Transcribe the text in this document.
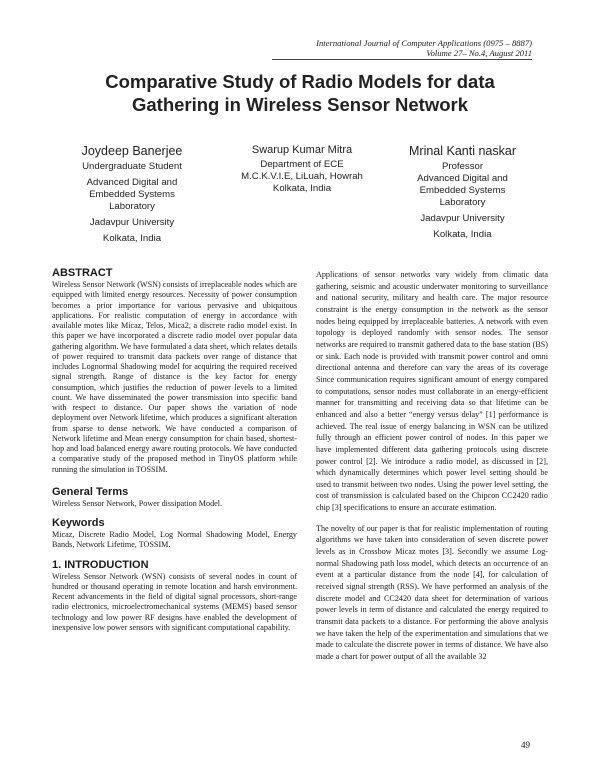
International Journal of Computer Applications (0975 – 8887)
Volume 27– No.4, August 2011
Comparative Study of Radio Models for data
Gathering in Wireless Sensor Network
Joydeep Banerjee
Undergraduate Student
Advanced Digital and
Embedded Systems
Laboratory
Jadavpur University
Kolkata, India
Swarup Kumar Mitra
Department of ECE
M.C.K.V.I.E, LiLuah, Howrah
Kolkata, India
Mrinal Kanti naskar
Professor
Advanced Digital and
Embedded Systems
Laboratory
Jadavpur University
Kolkata, India
ABSTRACT

Wireless Sensor Network (WSN) consists of irreplaceable nodes which are equipped with limited energy resources. Necessity of power consumption becomes a prior importance for various pervasive and ubiquitous applications. For realistic computation of energy in accordance with available motes like Micaz, Telos, Mica2, a discrete radio model exist. In this paper we have incorporated a discrete radio model over popular data gathering algorithm. We have formulated a data sheet, which relates details of power required to transmit data packets over range of distance that includes Lognormal Shadowing model for acquiring the required received signal strength. Range of distance is the key factor for energy consumption, which justifies the reduction of power levels to a limited count. We have disseminated the power transmission into specific band with respect to distance. Our paper shows the variation of node deployment over Network lifetime, which produces a significant alteration from sparse to dense network. We have conducted a comparison of Network lifetime and Mean energy consumption for chain based, shortest-hop and load balanced energy aware routing protocols. We have conducted a comparative study of the proposed method in TinyOS platform while running the simulation in TOSSIM.

General Terms

Wireless Sensor Network, Power dissipation Model.

Keywords

Micaz, Discrete Radio Model, Log Normal Shadowing Model, Energy Bands, Network Lifetime, TOSSIM.

1. INTRODUCTION

Wireless Sensor Network (WSN) consists of several nodes in count of hundred or thousand operating in remote location and harsh environment. Recent advancements in the field of digital signal processors, short-range radio electronics, microelectromechanical systems (MEMS) based sensor technology and low power RF designs have enabled the development of inexpensive low power sensors with significant computational capability.

Applications of sensor networks vary widely from climatic data gathering, seismic and acoustic underwater monitoring to surveillance and national security, military and health care. The major resource constraint is the energy consumption in the network as the sensor nodes being equipped by irreplaceable batteries. A network with even topology is deployed randomly with sensor nodes. The sensor networks are required to transmit gathered data to the base station (BS) or sink. Each node is provided with transmit power control and omni directional antenna and therefore can vary the areas of its coverage Since communication requires significant amount of energy compared to computations, sensor nodes must collaborate in an energy-efficient manner for transmitting and receiving data so that lifetime can be enhanced and also a better “energy versus delay” [1] performance is achieved. The real issue of energy balancing in WSN can be utilized fully through an efficient power control of nodes. In this paper we have implemented different data gathering protocols using discrete power control [2]. We introduce a radio model, as discussed in [2], which dynamically determines which power level setting should be used to transmit between two nodes. Using the power level setting, the cost of transmission is calculated based on the Chipcon CC2420 radio chip [3] specifications to ensure an accurate estimation.

The novelty of our paper is that for realistic implementation of routing algorithms we have taken into consideration of seven discrete power levels as in Crossbow Micaz motes [3]. Secondly we assume Log-normal Shadowing path loss model, which detects an occurrence of an event at a particular distance from the node [4], for calculation of received signal strength (RSS). We have performed an analysis of the discrete model and CC2420 data sheet for determination of various power levels in term of distance and calculated the energy required to transmit data packets to a distance. For performing the above analysis we have taken the help of the experimentation and simulations that we made to calculate the discrete power in terms of distance. We have also made a chart for power output of all the available 32

49
